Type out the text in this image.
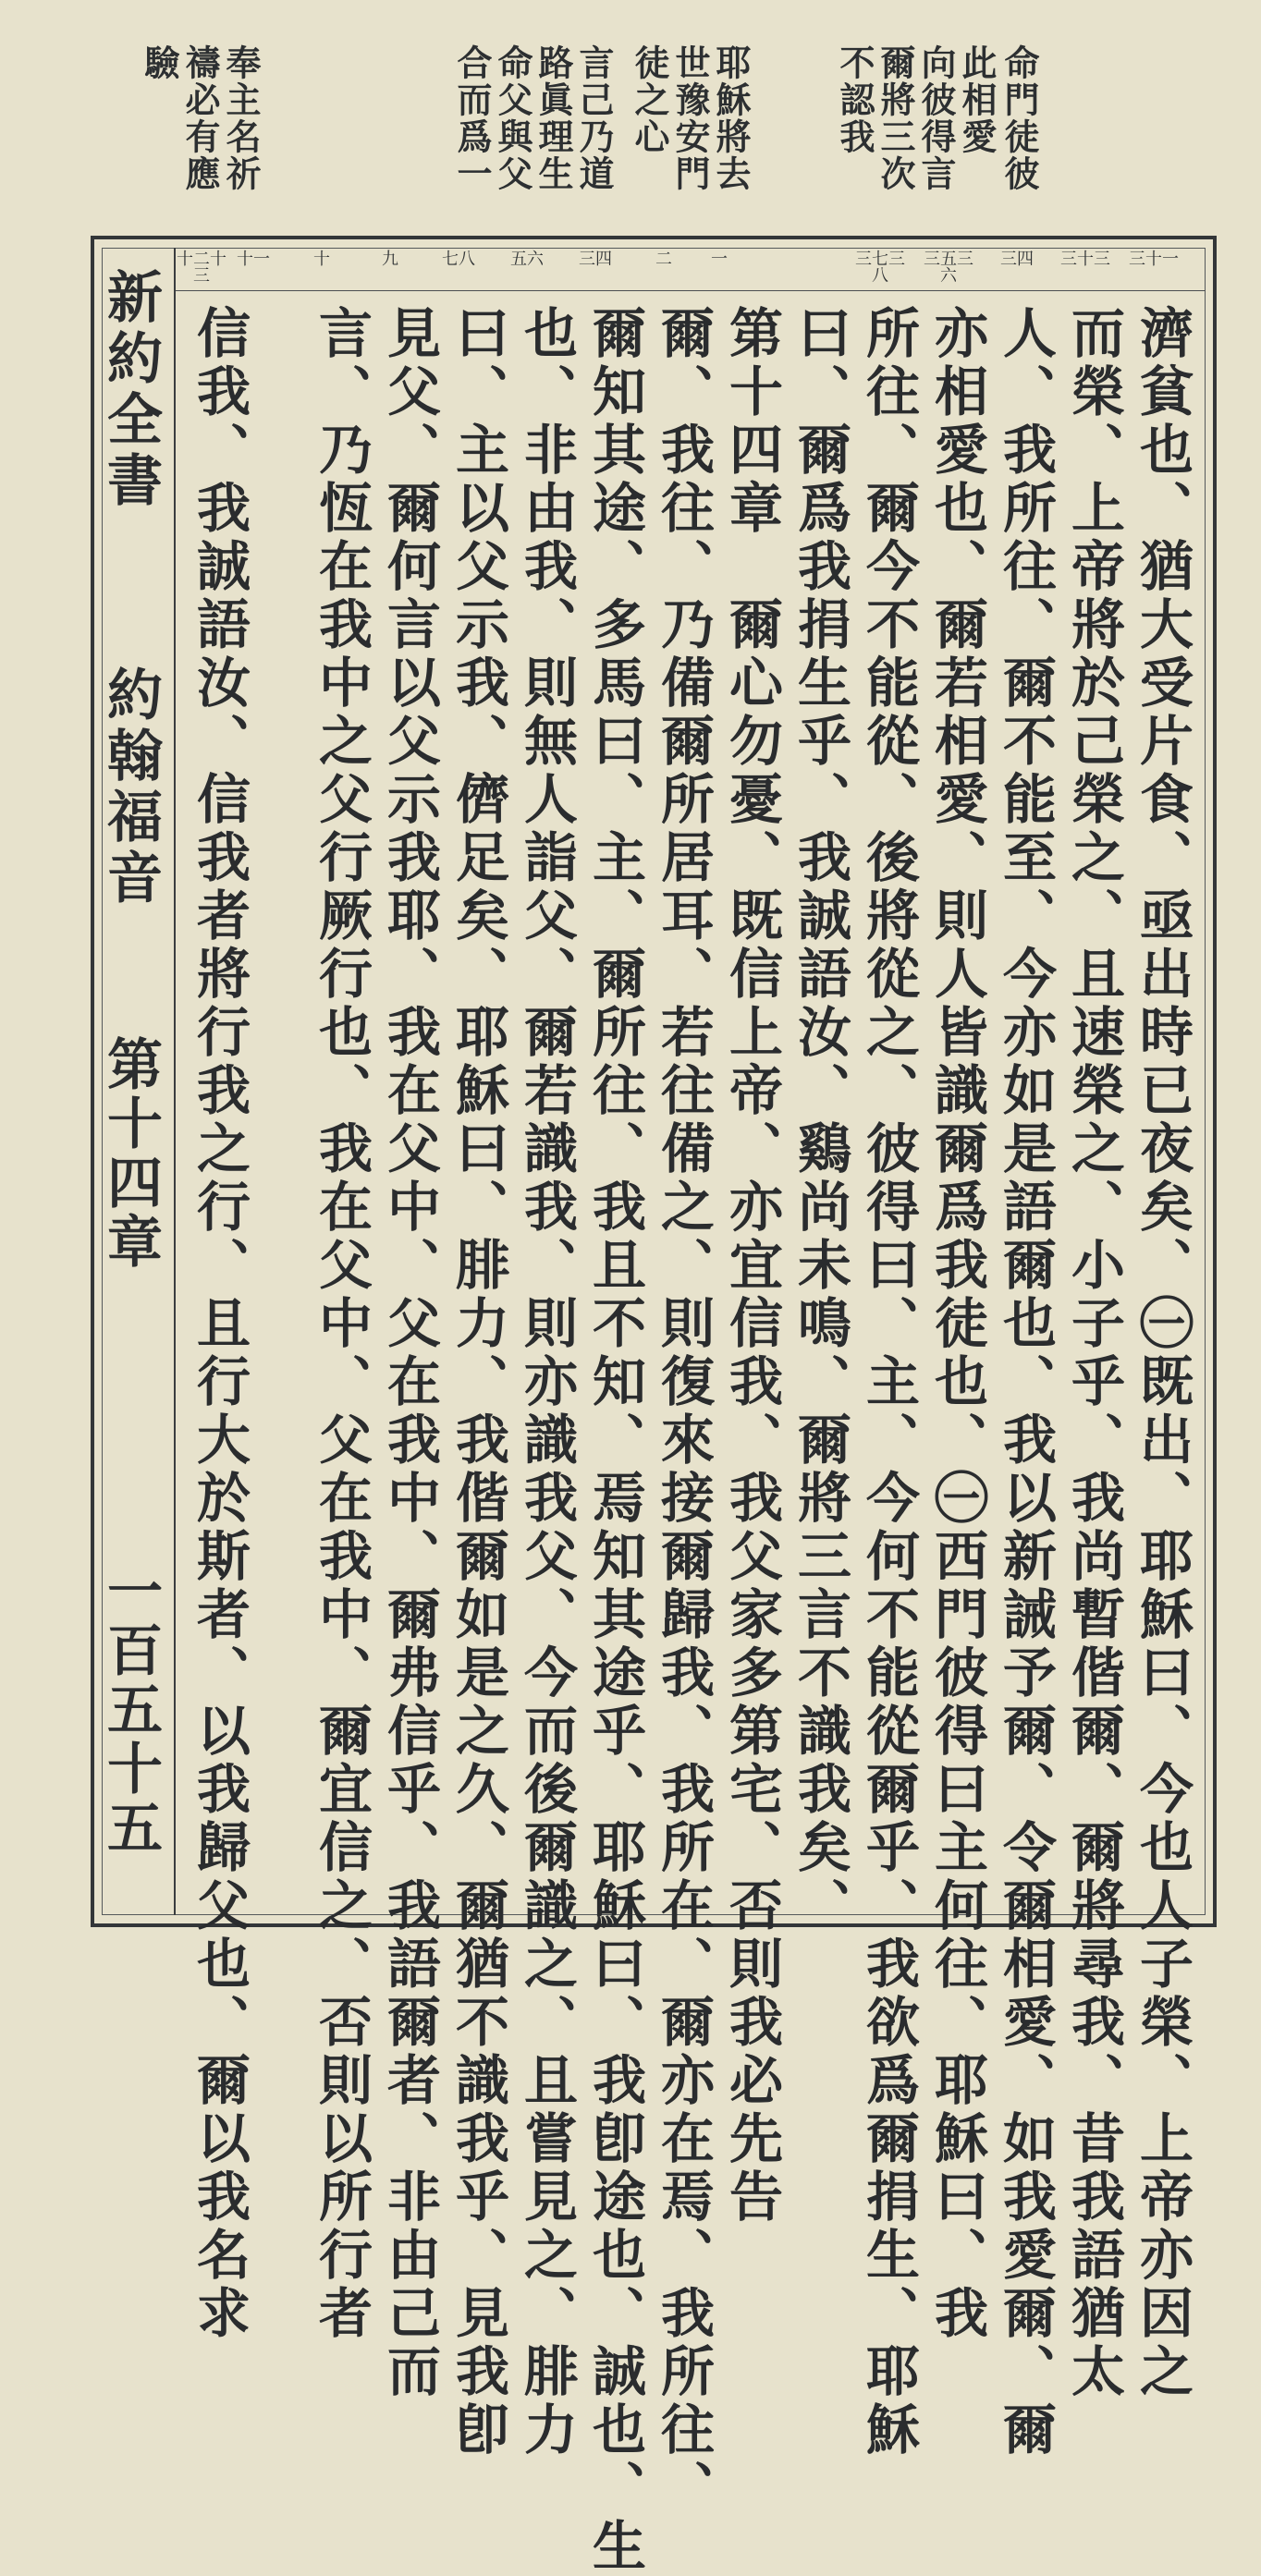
命門徒彼
此相愛
向彼得言
爾將三次
不認我
耶穌將去
世豫安門
徒之心
言己乃道
路眞理生
命父與父
合而爲一
奉主名祈
禱必有應
驗
新約全書
約翰福音
第十四章
一百五十五
三十一
三十三
三四
三五三六
三七三八
一
二
三四
五六
七八
九
十
十一
十二十三
濟貧也、猶大受片食、亟出時已夜矣、㊀既出、耶穌曰、今也人子榮、上帝亦因之
而榮、上帝將於己榮之、且速榮之、小子乎、我尚暫偕爾、爾將尋我、昔我語猶太
人、我所往、爾不能至、今亦如是語爾也、我以新誡予爾、令爾相愛、如我愛爾、爾
亦相愛也、爾若相愛、則人皆識爾爲我徒也、㊀西門彼得曰主何往、耶穌曰、我
所往、爾今不能從、後將從之、彼得曰、主、今何不能從爾乎、我欲爲爾捐生、耶穌
曰、爾爲我捐生乎、我誠語汝、鷄尚未鳴、爾將三言不識我矣、
第十四章　爾心勿憂、既信上帝、亦宜信我、我父家多第宅、否則我必先告
爾、我往、乃備爾所居耳、若往備之、則復來接爾歸我、我所在、爾亦在焉、我所往、
爾知其途、多馬曰、主、爾所往、我且不知、焉知其途乎、耶穌曰、我卽途也、誠也、生
也、非由我、則無人詣父、爾若識我、則亦識我父、今而後爾識之、且嘗見之、腓力
曰、主以父示我、儕足矣、耶穌曰、腓力、我偕爾如是之久、爾猶不識我乎、見我卽
見父、爾何言以父示我耶、我在父中、父在我中、爾弗信乎、我語爾者、非由己而
言、乃恆在我中之父行厥行也、我在父中、父在我中、爾宜信之、否則以所行者
信我、我誠語汝、信我者將行我之行、且行大於斯者、以我歸父也、爾以我名求
